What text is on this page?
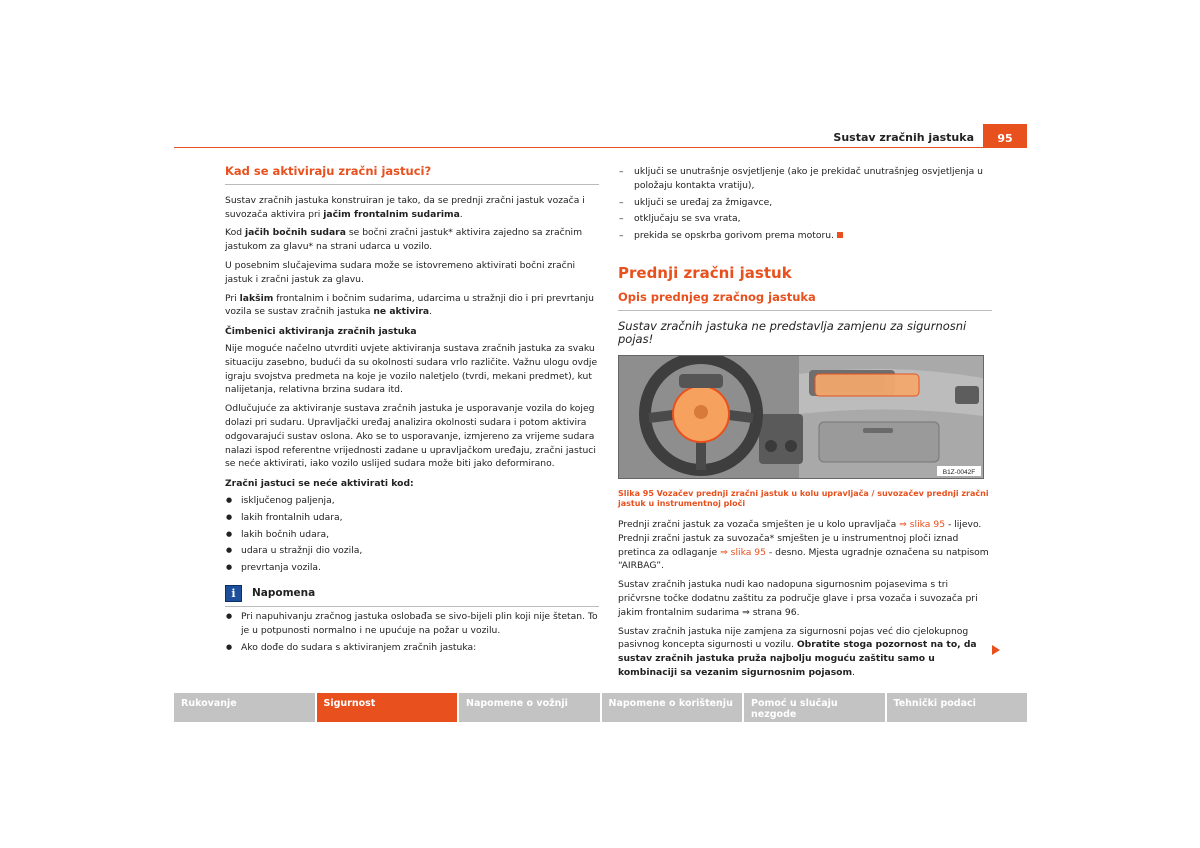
Sustav zračnih jastuka	95
Kad se aktiviraju zračni jastuci?

Sustav zračnih jastuka konstruiran je tako, da se prednji zračni jastuk vozača i suvozača aktivira pri jačim frontalnim sudarima.

Kod jačih bočnih sudara se bočni zračni jastuk* aktivira zajedno sa zračnim jastukom za glavu* na strani udarca u vozilo.

U posebnim slučajevima sudara može se istovremeno aktivirati bočni zračni jastuk i zračni jastuk za glavu.

Pri lakšim frontalnim i bočnim sudarima, udarcima u stražnji dio i pri prevrtanju vozila se sustav zračnih jastuka ne aktivira.

Čimbenici aktiviranja zračnih jastuka

Nije moguće načelno utvrditi uvjete aktiviranja sustava zračnih jastuka za svaku situaciju zasebno, budući da su okolnosti sudara vrlo različite. Važnu ulogu ovdje igraju svojstva predmeta na koje je vozilo naletjelo (tvrdi, mekani predmet), kut nalijetanja, relativna brzina sudara itd.

Odlučujuće za aktiviranje sustava zračnih jastuka je usporavanje vozila do kojeg dolazi pri sudaru. Upravljački uređaj analizira okolnosti sudara i potom aktivira odgovarajući sustav oslona. Ako se to usporavanje, izmjereno za vrijeme sudara nalazi ispod referentne vrijednosti zadane u upravljačkom uređaju, zračni jastuci se neće aktivirati, iako vozilo uslijed sudara može biti jako deformirano.

Zračni jastuci se neće aktivirati kod:
● isključenog paljenja,
● lakih frontalnih udara,
● lakih bočnih udara,
● udara u stražnji dio vozila,
● prevrtanja vozila.
i	Napomena
● Pri napuhivanju zračnog jastuka oslobađa se sivo-bijeli plin koji nije štetan. To je u potpunosti normalno i ne upućuje na požar u vozilu.
● Ako dođe do sudara s aktiviranjem zračnih jastuka:
– uključi se unutrašnje osvjetljenje (ako je prekidač unutrašnjeg osvjetljenja u položaju kontakta vratiju),
– uključi se uređaj za žmigavce,
– otključaju se sva vrata,
– prekida se opskrba gorivom prema motoru.
Prednji zračni jastuk
Opis prednjeg zračnog jastuka
Sustav zračnih jastuka ne predstavlja zamjenu za sigurnosni pojas!
B1Z-0042F
Slika 95 Vozačev prednji zračni jastuk u kolu upravljača / suvozačev prednji zračni jastuk u instrumentnoj ploči

Prednji zračni jastuk za vozača smješten je u kolo upravljača ⇒ slika 95 - lijevo. Prednji zračni jastuk za suvozača* smješten je u instrumentnoj ploči iznad pretinca za odlaganje ⇒ slika 95 - desno. Mjesta ugradnje označena su natpisom “AIRBAG”.

Sustav zračnih jastuka nudi kao nadopuna sigurnosnim pojasevima s tri pričvrsne točke dodatnu zaštitu za područje glave i prsa vozača i suvozača pri jakim frontalnim sudarima ⇒ strana 96.

Sustav zračnih jastuka nije zamjena za sigurnosni pojas već dio cjelokupnog pasivnog koncepta sigurnosti u vozilu. Obratite stoga pozornost na to, da sustav zračnih jastuka pruža najbolju moguću zaštitu samo u kombinaciji sa vezanim sigurnosnim pojasom.

Rukovanje	Sigurnost	Napomene o vožnji	Napomene o korištenju	Pomoć u slučaju nezgode
Tehnički podaci
